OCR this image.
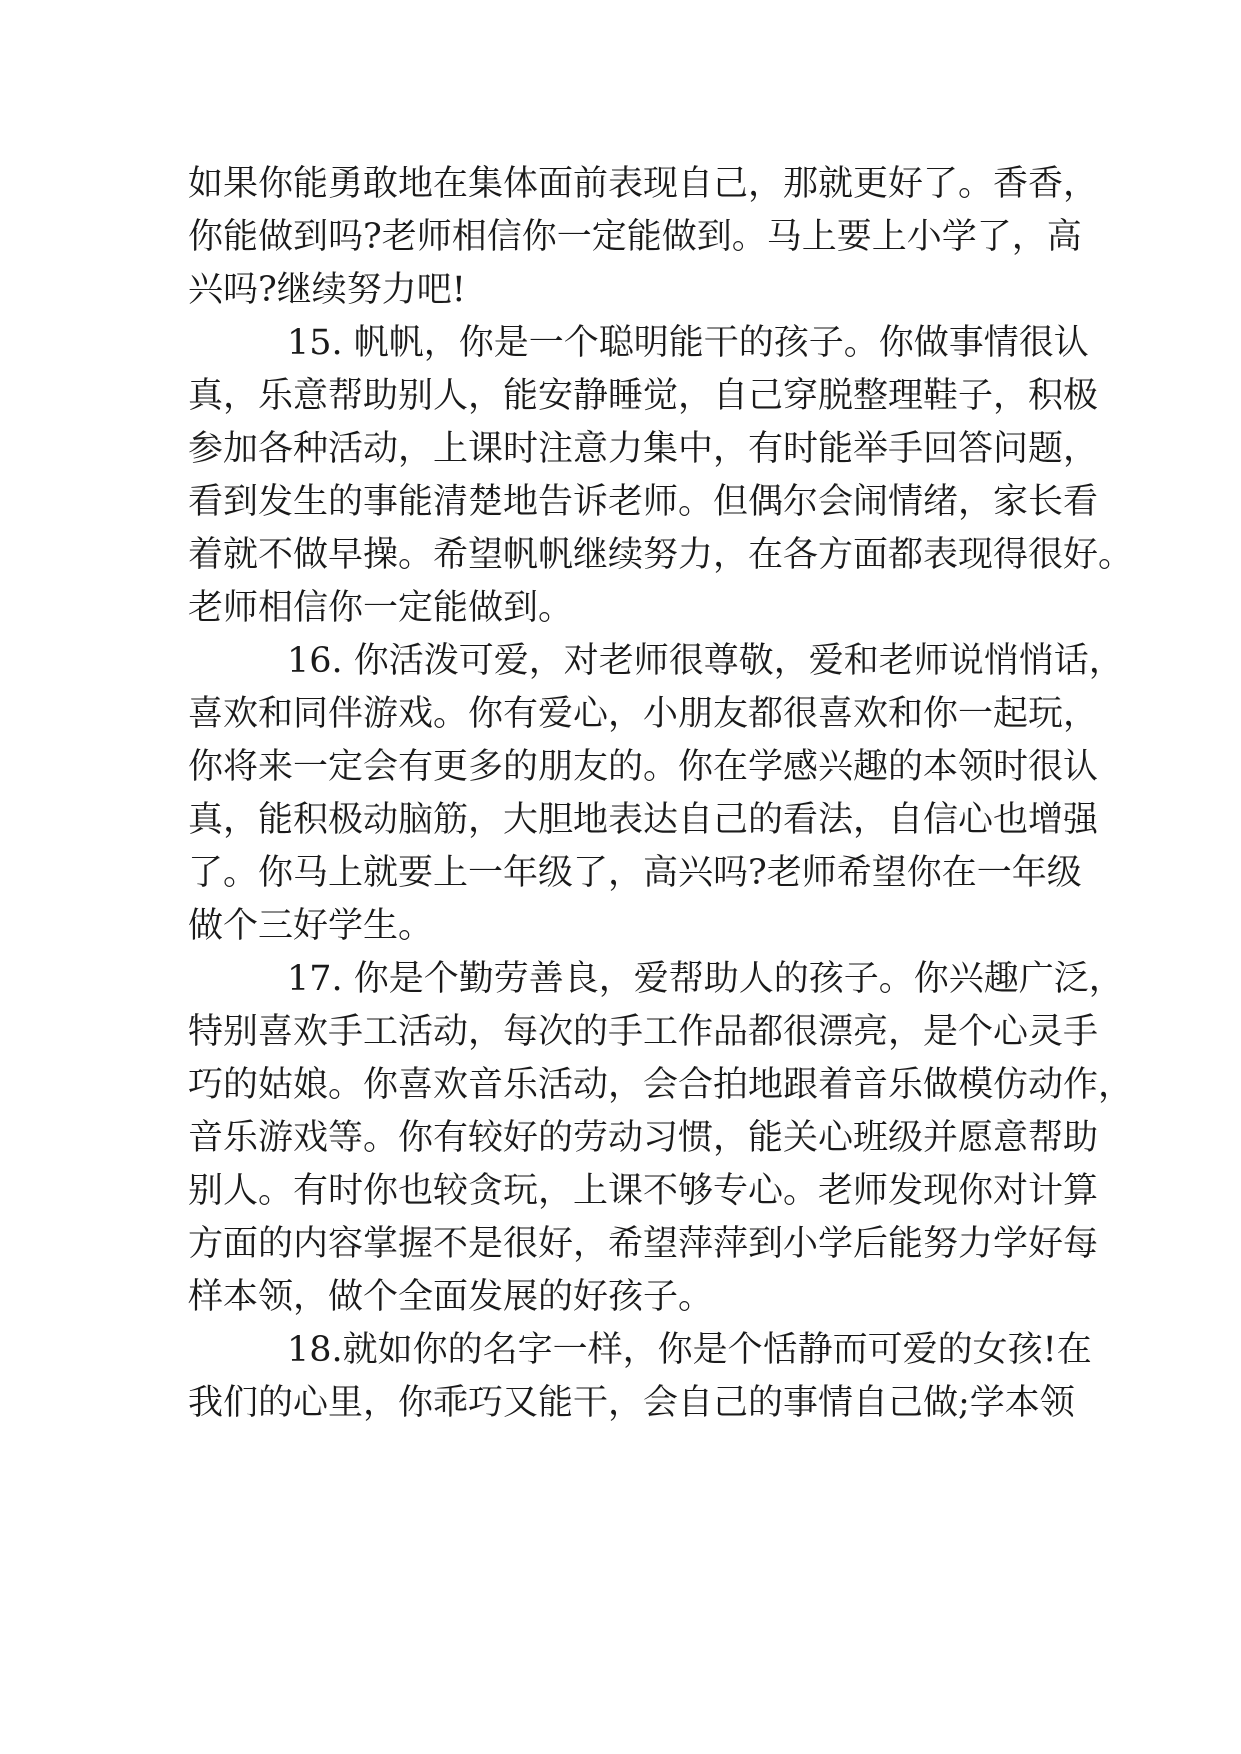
如果你能勇敢地在集体面前表现自己，那就更好了。香香，
你能做到吗?老师相信你一定能做到。马上要上小学了，高
兴吗?继续努力吧!
15. 帆帆，你是一个聪明能干的孩子。你做事情很认
真，乐意帮助别人，能安静睡觉，自己穿脱整理鞋子，积极
参加各种活动，上课时注意力集中，有时能举手回答问题，
看到发生的事能清楚地告诉老师。但偶尔会闹情绪，家长看
着就不做早操。希望帆帆继续努力，在各方面都表现得很好。
老师相信你一定能做到。
16. 你活泼可爱，对老师很尊敬，爱和老师说悄悄话，
喜欢和同伴游戏。你有爱心，小朋友都很喜欢和你一起玩，
你将来一定会有更多的朋友的。你在学感兴趣的本领时很认
真，能积极动脑筋，大胆地表达自己的看法，自信心也增强
了。你马上就要上一年级了，高兴吗?老师希望你在一年级
做个三好学生。
17. 你是个勤劳善良，爱帮助人的孩子。你兴趣广泛，
特别喜欢手工活动，每次的手工作品都很漂亮，是个心灵手
巧的姑娘。你喜欢音乐活动，会合拍地跟着音乐做模仿动作，
音乐游戏等。你有较好的劳动习惯，能关心班级并愿意帮助
别人。有时你也较贪玩，上课不够专心。老师发现你对计算
方面的内容掌握不是很好，希望萍萍到小学后能努力学好每
样本领，做个全面发展的好孩子。
18.就如你的名字一样，你是个恬静而可爱的女孩!在
我们的心里，你乖巧又能干，会自己的事情自己做;学本领
